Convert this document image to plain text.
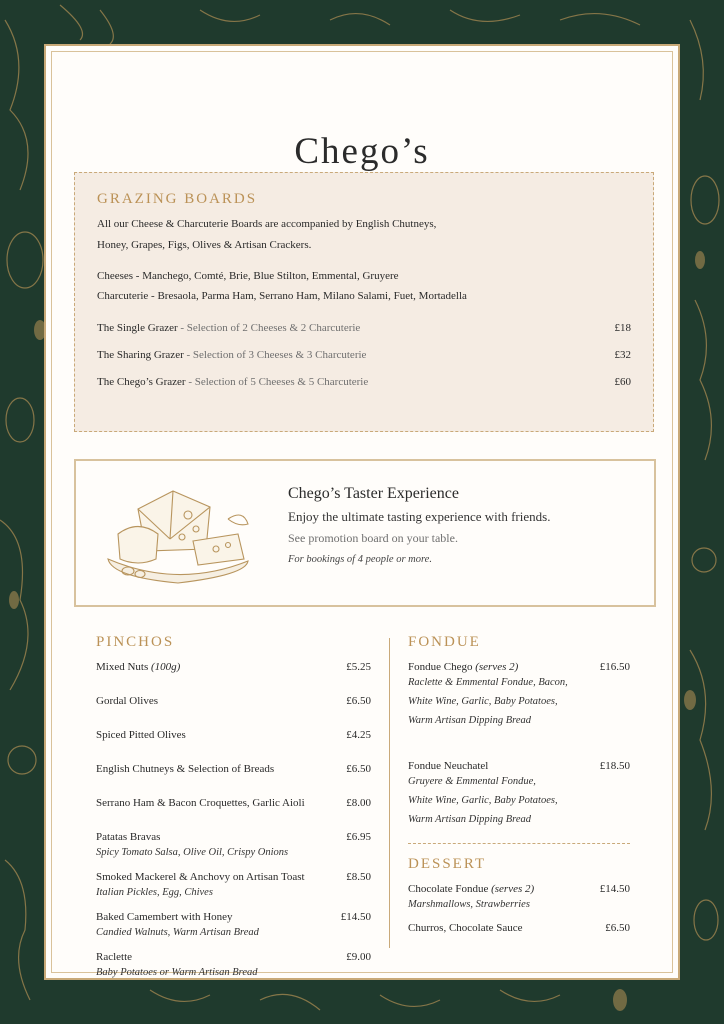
Chego’s
GRAZING BOARDS
All our Cheese & Charcuterie Boards are accompanied by English Chutneys,
Honey, Grapes, Figs, Olives & Artisan Crackers.
Cheeses - Manchego, Comté, Brie, Blue Stilton, Emmental, Gruyere
Charcuterie - Bresaola, Parma Ham, Serrano Ham, Milano Salami, Fuet, Mortadella
The Single Grazer - Selection of 2 Cheeses & 2 Charcuterie	£18
The Sharing Grazer - Selection of 3 Cheeses & 3 Charcuterie	£32
The Chego’s Grazer - Selection of 5 Cheeses & 5 Charcuterie	£60
Chego’s Taster Experience
Enjoy the ultimate tasting experience with friends.
See promotion board on your table.
For bookings of 4 people or more.
PINCHOS
Mixed Nuts (100g)	£5.25
Gordal Olives	£6.50
Spiced Pitted Olives	£4.25
English Chutneys & Selection of Breads	£6.50
Serrano Ham & Bacon Croquettes, Garlic Aioli	£8.00
Patatas Bravas	£6.95
Spicy Tomato Salsa, Olive Oil, Crispy Onions
Smoked Mackerel & Anchovy on Artisan Toast	£8.50
Italian Pickles, Egg, Chives
Baked Camembert with Honey	£14.50
Candied Walnuts, Warm Artisan Bread
Raclette	£9.00
Baby Potatoes or Warm Artisan Bread
FONDUE
Fondue Chego (serves 2)	£16.50
Raclette & Emmental Fondue, Bacon,
White Wine, Garlic, Baby Potatoes,
Warm Artisan Dipping Bread
Fondue Neuchatel	£18.50
Gruyere & Emmental Fondue,
White Wine, Garlic, Baby Potatoes,
Warm Artisan Dipping Bread
DESSERT
Chocolate Fondue (serves 2)	£14.50
Marshmallows, Strawberries
Churros, Chocolate Sauce	£6.50
